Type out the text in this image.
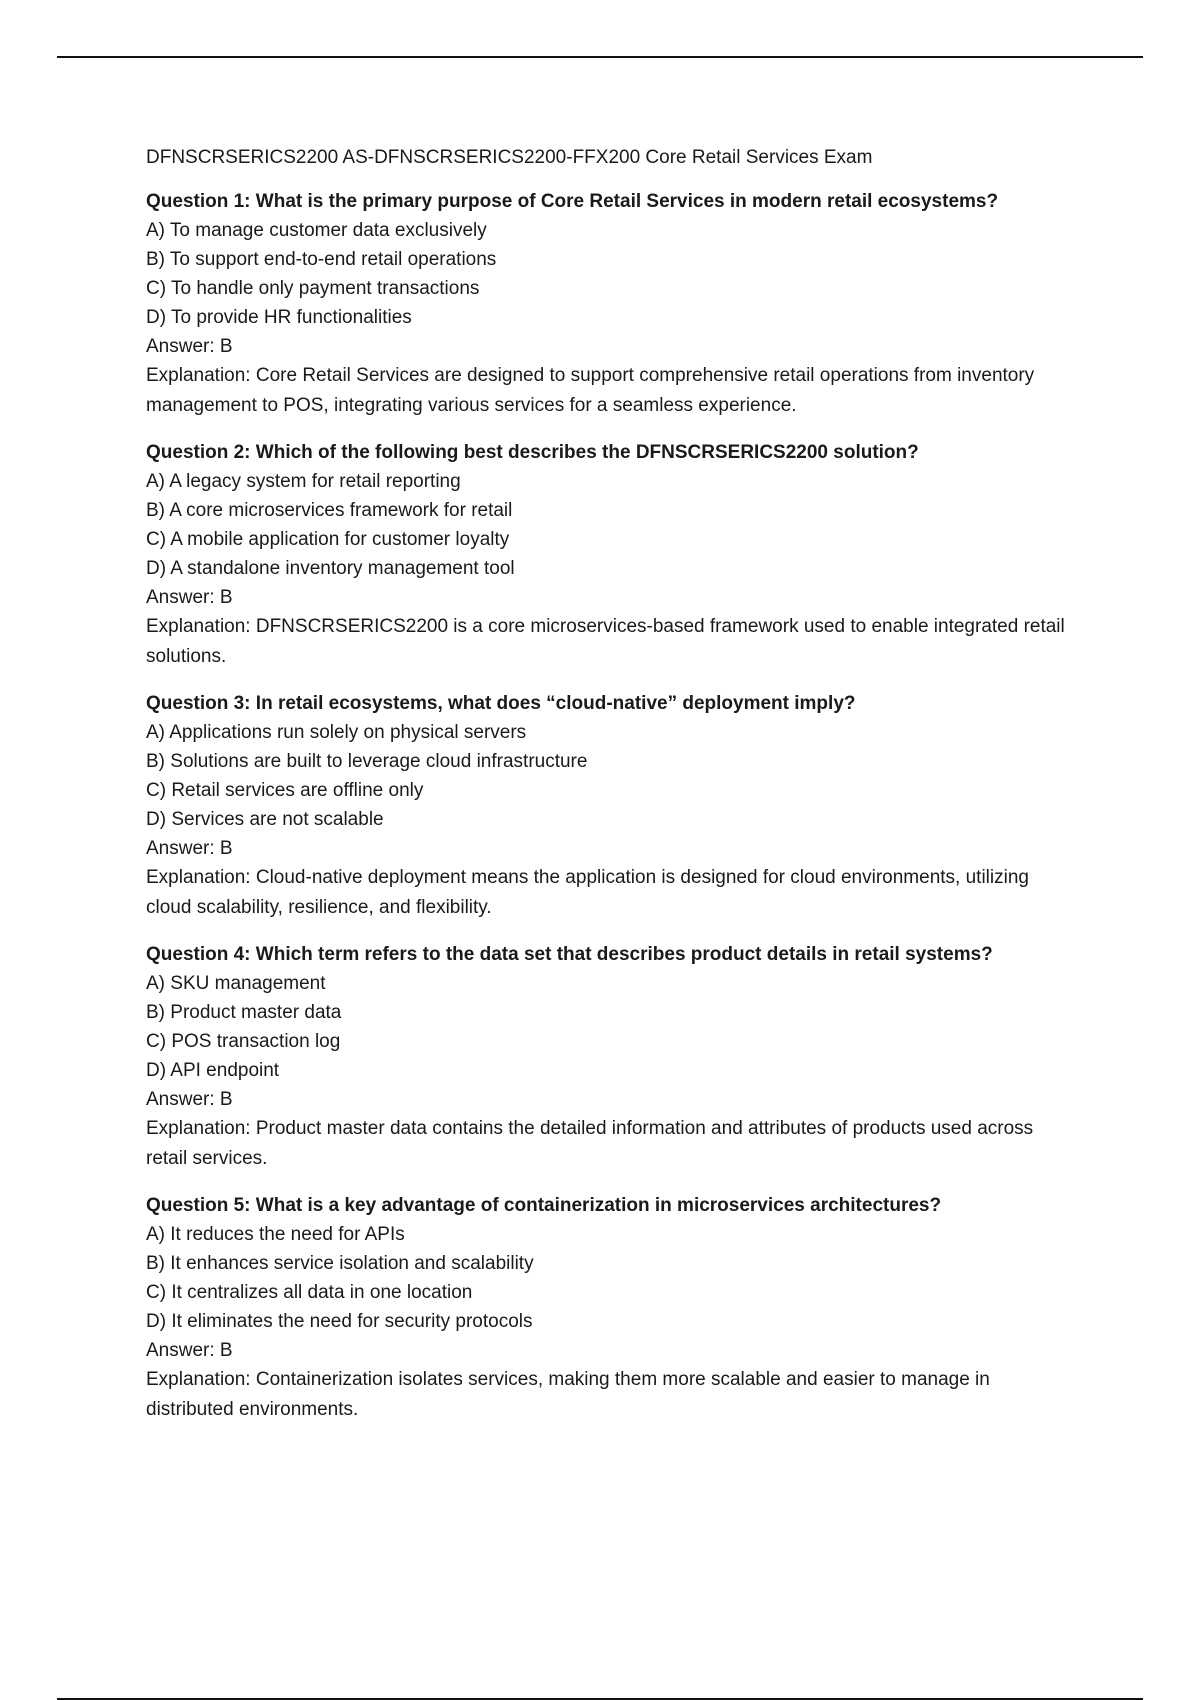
DFNSCRSERICS2200 AS-DFNSCRSERICS2200-FFX200 Core Retail Services Exam

Question 1: What is the primary purpose of Core Retail Services in modern retail ecosystems?

A) To manage customer data exclusively

B) To support end-to-end retail operations

C) To handle only payment transactions

D) To provide HR functionalities

Answer: B

Explanation: Core Retail Services are designed to support comprehensive retail operations from inventory management to POS, integrating various services for a seamless experience.

Question 2: Which of the following best describes the DFNSCRSERICS2200 solution?

A) A legacy system for retail reporting

B) A core microservices framework for retail

C) A mobile application for customer loyalty

D) A standalone inventory management tool

Answer: B

Explanation: DFNSCRSERICS2200 is a core microservices-based framework used to enable integrated retail solutions.

Question 3: In retail ecosystems, what does “cloud-native” deployment imply?

A) Applications run solely on physical servers

B) Solutions are built to leverage cloud infrastructure

C) Retail services are offline only

D) Services are not scalable

Answer: B

Explanation: Cloud-native deployment means the application is designed for cloud environments, utilizing cloud scalability, resilience, and flexibility.

Question 4: Which term refers to the data set that describes product details in retail systems?

A) SKU management

B) Product master data

C) POS transaction log

D) API endpoint

Answer: B

Explanation: Product master data contains the detailed information and attributes of products used across retail services.

Question 5: What is a key advantage of containerization in microservices architectures?

A) It reduces the need for APIs

B) It enhances service isolation and scalability

C) It centralizes all data in one location

D) It eliminates the need for security protocols

Answer: B

Explanation: Containerization isolates services, making them more scalable and easier to manage in distributed environments.
